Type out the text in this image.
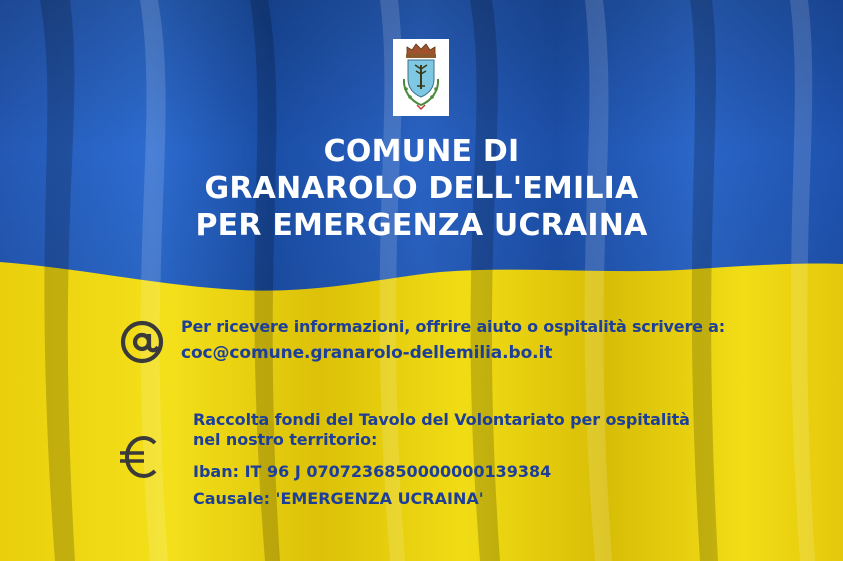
COMUNE DI
GRANAROLO DELL'EMILIA
PER EMERGENZA UCRAINA
Per ricevere informazioni, offrire aiuto o ospitalità scrivere a:
coc@comune.granarolo-dellemilia.bo.it
Raccolta fondi del Tavolo del Volontariato per ospitalità
nel nostro territorio:
Iban: IT 96 J 0707236850000000139384
Causale: 'EMERGENZA UCRAINA'
